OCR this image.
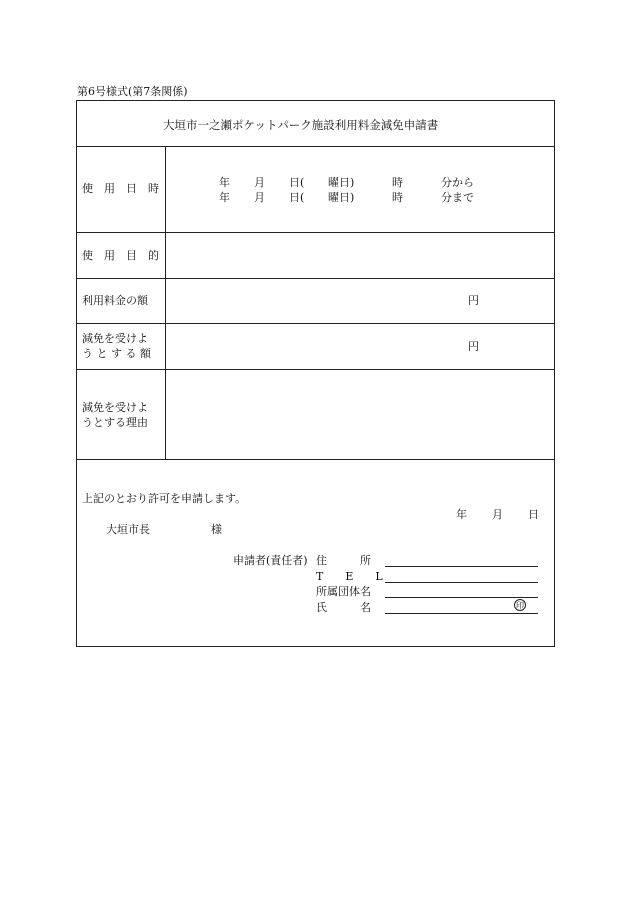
第6号様式(第7条関係)
大垣市一之瀬ポケットパーク施設利用料金減免申請書
使　用　日　時	年 月 日( 曜日)	時	分から
年 月 日( 曜日)	時	分まで
使　用　目　的
利用料金の額	円
減免を受けよ
う と す る 額
円
減免を受けよ
うとする理由
上記のとおり許可を申請します。
年 月 日
大垣市長	様
申請者(責任者) 住　　　所
T　　E　　L
所属団体名
氏　　　名	印
